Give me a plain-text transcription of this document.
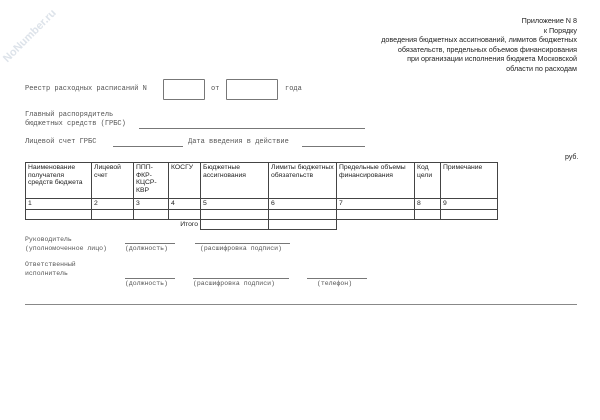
NoNumber.ru	Приложение N 8
к Порядку
доведения бюджетных ассигнований, лимитов бюджетных
обязательств, предельных объемов финансирования
при организации исполнения бюджета Московской
области по расходам
Реестр расходных расписаний N	от	года
Главный распорядитель
бюджетных средств (ГРБС)
Лицевой счет ГРБС	Дата введения в действие
руб.
Наименование получателя средств бюджета	Лицевой счет	ППП-ФКР-КЦСР-КВР	КОСГУ	Бюджетные ассигнования	Лимиты бюджетных обязательств	Предельные объемы финансирования	Код цели	Примечание
1	2	3	4	5	6	7	8	9

			Итого					
Руководитель
(уполномоченное лицо)	(должность)	(расшифровка подписи)
Ответственный
исполнитель
(должность)	(расшифровка подписи)	(телефон)
